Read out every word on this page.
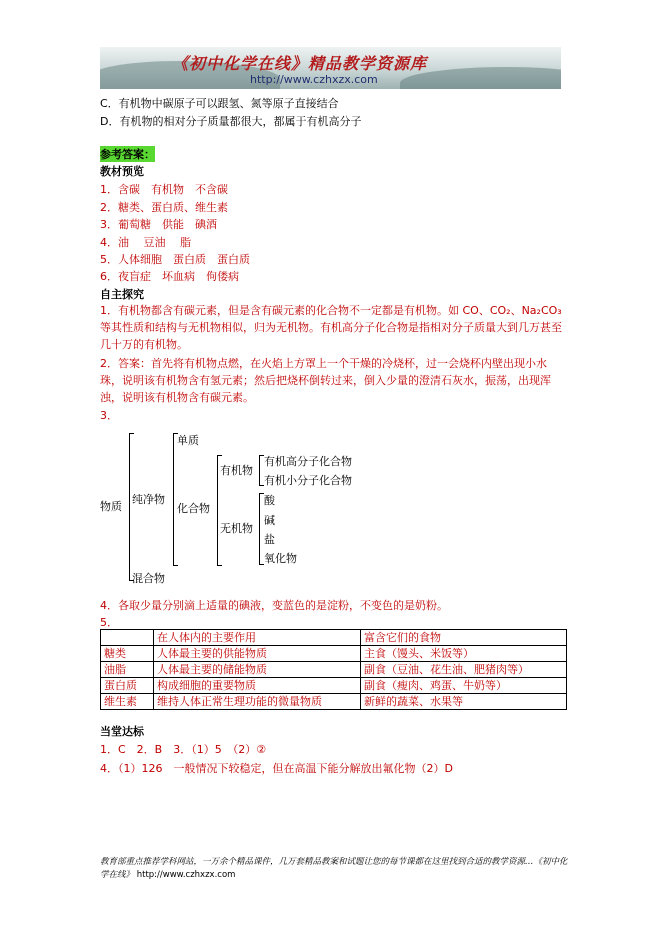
《初中化学在线》精品教学资源库
http://www.czhxzx.com
C．有机物中碳原子可以跟氢、氮等原子直接结合
D．有机物的相对分子质量都很大，都属于有机高分子
参考答案：
教材预览
1．含碳　有机物　不含碳
2．糖类、蛋白质、维生素
3．葡萄糖　供能　碘酒
4．油　 豆油　 脂
5．人体细胞　蛋白质　蛋白质
6．夜盲症　坏血病　佝偻病
自主探究
1．有机物都含有碳元素，但是含有碳元素的化合物不一定都是有机物。如 CO、CO₂、Na₂CO₃等其性质和结构与无机物相似，归为无机物。有机高分子化合物是指相对分子质量大到几万甚至几十万的有机物。
2．答案：首先将有机物点燃，在火焰上方罩上一个干燥的冷烧杯，过一会烧杯内壁出现小水珠，说明该有机物含有氢元素；然后把烧杯倒转过来，倒入少量的澄清石灰水，振荡，出现浑浊，说明该有机物含有碳元素。
3．
物质
纯净物
混合物
单质
化合物
有机物
无机物
有机高分子化合物
有机小分子化合物
酸
碱
盐
氧化物
4．各取少量分别滴上适量的碘液，变蓝色的是淀粉，不变色的是奶粉。
5．
	在人体内的主要作用	富含它们的食物
糖类	人体最主要的供能物质	主食（馒头、米饭等）
油脂	人体最主要的储能物质	副食（豆油、花生油、肥猪肉等）
蛋白质	构成细胞的重要物质	副食（瘦肉、鸡蛋、牛奶等）
维生素	维持人体正常生理功能的微量物质	新鲜的蔬菜、水果等
当堂达标
1．C　2．B　3．（1）5　（2）②
4．（1）126　一般情况下较稳定，但在高温下能分解放出氟化物（2）D
教育部重点推荐学科网站，一万余个精品课件，几万套精品教案和试题让您的每节课都在这里找到合适的教学资源…《初中化学在线》 http://www.czhxzx.com
